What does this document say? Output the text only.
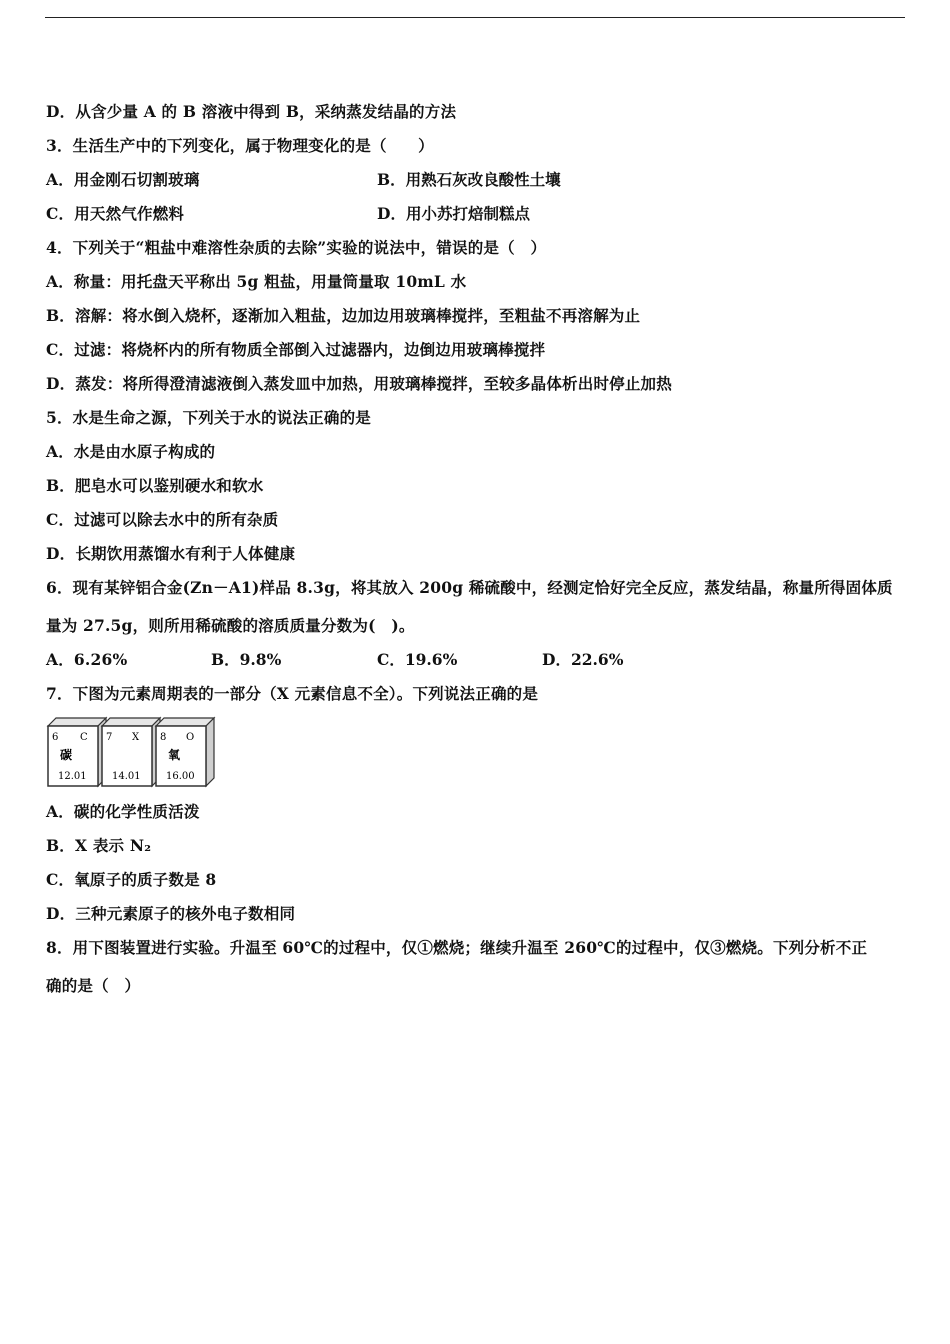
D．从含少量 A 的 B 溶液中得到 B，采纳蒸发结晶的方法
3．生活生产中的下列变化，属于物理变化的是（　　）
A．用金刚石切割玻璃	B．用熟石灰改良酸性土壤
C．用天然气作燃料	D．用小苏打焙制糕点
4．下列关于“粗盐中难溶性杂质的去除”实验的说法中，错误的是（　）
A．称量：用托盘天平称出 5g 粗盐，用量筒量取 10mL 水
B．溶解：将水倒入烧杯，逐渐加入粗盐，边加边用玻璃棒搅拌，至粗盐不再溶解为止
C．过滤：将烧杯内的所有物质全部倒入过滤器内，边倒边用玻璃棒搅拌
D．蒸发：将所得澄清滤液倒入蒸发皿中加热，用玻璃棒搅拌，至较多晶体析出时停止加热
5．水是生命之源，下列关于水的说法正确的是
A．水是由水原子构成的
B．肥皂水可以鉴别硬水和软水
C．过滤可以除去水中的所有杂质
D．长期饮用蒸馏水有利于人体健康
6．现有某锌铝合金(Zn－A1)样品 8.3g，将其放入 200g 稀硫酸中，经测定恰好完全反应，蒸发结晶，称量所得固体质
量为 27.5g，则所用稀硫酸的溶质质量分数为(　)。
A．6.26%	B．9.8%	C．19.6%	D．22.6%
7．下图为元素周期表的一部分（X 元素信息不全）。下列说法正确的是
6 C
碳
12.01
7 X
14.01
8 O
氧
16.00
A．碳的化学性质活泼
B．X 表示 N₂
C．氧原子的质子数是 8
D．三种元素原子的核外电子数相同
8．用下图装置进行实验。升温至 60℃的过程中，仅①燃烧；继续升温至 260℃的过程中，仅③燃烧。下列分析不正
确的是（　）
